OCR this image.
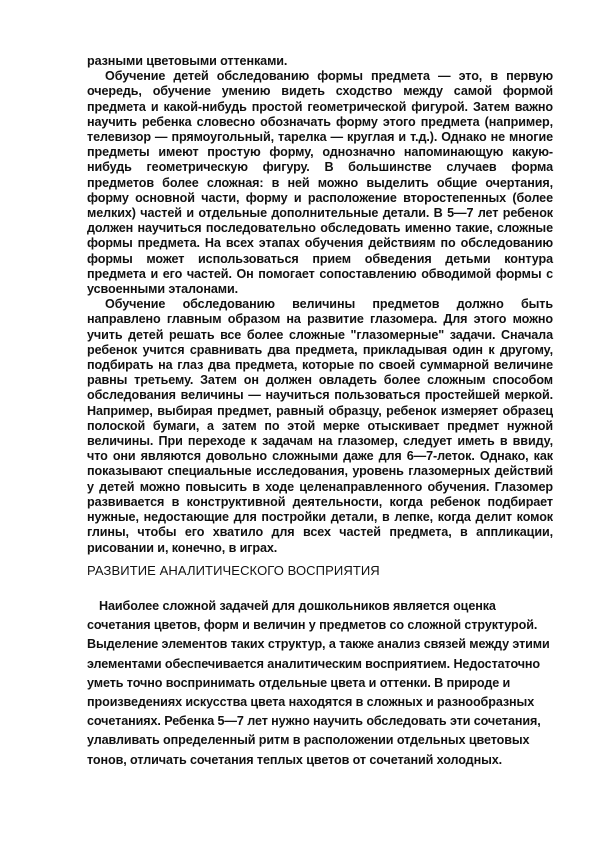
разными цветовыми оттенками.

Обучение детей обследованию формы предмета — это, в первую очередь, обучение умению видеть сходство между самой формой предмета и какой-нибудь простой геометрической фигурой. Затем важно научить ребенка словесно обозначать форму этого предмета (например, телевизор — прямоугольный, тарелка — круглая и т.д.). Однако не многие предметы имеют простую форму, однозначно напоминающую какую-нибудь геометрическую фигуру. В большинстве случаев форма предметов более сложная: в ней можно выделить общие очертания, форму основной части, форму и расположение второстепенных (более мелких) частей и отдельные дополнительные детали. В 5—7 лет ребенок должен научиться последовательно обследовать именно такие, сложные формы предмета. На всех этапах обучения действиям по обследованию формы может использоваться прием обведения детьми контура предмета и его частей. Он помогает сопоставлению обводимой формы с усвоенными эталонами.

Обучение обследованию величины предметов должно быть направлено главным образом на развитие глазомера. Для этого можно учить детей решать все более сложные "глазомерные" задачи. Сначала ребенок учится сравнивать два предмета, прикладывая один к другому, подбирать на глаз два предмета, которые по своей суммарной величине равны третьему. Затем он должен овладеть более сложным способом обследования величины — научиться пользоваться простейшей меркой. Например, выбирая предмет, равный образцу, ребенок измеряет образец полоской бумаги, а затем по этой мерке отыскивает предмет нужной величины. При переходе к задачам на глазомер, следует иметь в ввиду, что они являются довольно сложными даже для 6—7-леток. Однако, как показывают специальные исследования, уровень глазомерных действий у детей можно повысить в ходе целенаправленного обучения. Глазомер развивается в конструктивной деятельности, когда ребенок подбирает нужные, недостающие для постройки детали, в лепке, когда делит комок глины, чтобы его хватило для всех частей предмета, в аппликации, рисовании и, конечно, в играх.

РАЗВИТИЕ АНАЛИТИЧЕСКОГО ВОСПРИЯТИЯ

Наиболее сложной задачей для дошкольников является оценка сочетания цветов, форм и величин у предметов со сложной структурой. Выделение элементов таких структур, а также анализ связей между этими элементами обеспечивается аналитическим восприятием. Недостаточно уметь точно воспринимать отдельные цвета и оттенки. В природе и произведениях искусства цвета находятся в сложных и разнообразных сочетаниях. Ребенка 5—7 лет нужно научить обследовать эти сочетания, улавливать определенный ритм в расположении отдельных цветовых тонов, отличать сочетания теплых цветов от сочетаний холодных.
